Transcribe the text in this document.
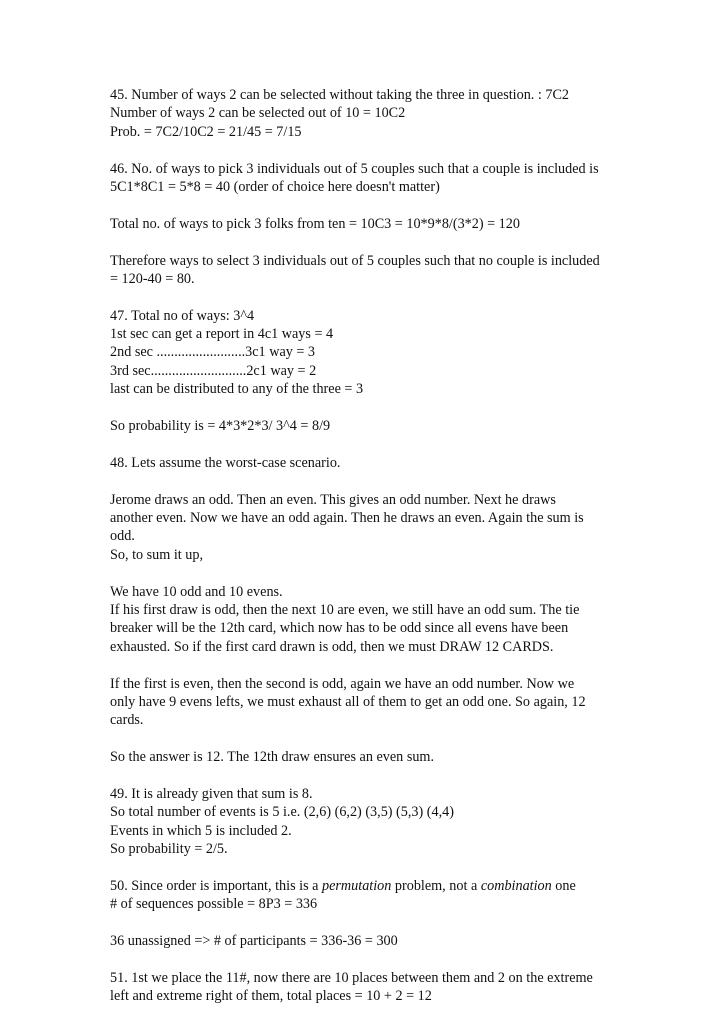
45. Number of ways 2 can be selected without taking the three in question. : 7C2
Number of ways 2 can be selected out of 10 = 10C2
Prob. = 7C2/10C2 = 21/45 = 7/15
46. No. of ways to pick 3 individuals out of 5 couples such that a couple is included is
5C1*8C1 = 5*8 = 40 (order of choice here doesn't matter)
Total no. of ways to pick 3 folks from ten = 10C3 = 10*9*8/(3*2) = 120
Therefore ways to select 3 individuals out of 5 couples such that no couple is included
= 120-40 = 80.
47. Total no of ways: 3^4
1st sec can get a report in 4c1 ways = 4
2nd sec .........................3c1 way = 3
3rd sec...........................2c1 way = 2
last can be distributed to any of the three = 3
So probability is = 4*3*2*3/ 3^4 = 8/9
48. Lets assume the worst-case scenario.
Jerome draws an odd. Then an even. This gives an odd number. Next he draws
another even. Now we have an odd again. Then he draws an even. Again the sum is
odd.
So, to sum it up,
We have 10 odd and 10 evens.
If his first draw is odd, then the next 10 are even, we still have an odd sum. The tie
breaker will be the 12th card, which now has to be odd since all evens have been
exhausted. So if the first card drawn is odd, then we must DRAW 12 CARDS.
If the first is even, then the second is odd, again we have an odd number. Now we
only have 9 evens lefts, we must exhaust all of them to get an odd one. So again, 12
cards.
So the answer is 12. The 12th draw ensures an even sum.
49. It is already given that sum is 8.
So total number of events is 5 i.e. (2,6) (6,2) (3,5) (5,3) (4,4)
Events in which 5 is included 2.
So probability = 2/5.
50. Since order is important, this is a permutation problem, not a combination one
# of sequences possible = 8P3 = 336
36 unassigned => # of participants = 336-36 = 300
51. 1st we place the 11#, now there are 10 places between them and 2 on the extreme
left and extreme right of them, total places = 10 + 2 = 12
